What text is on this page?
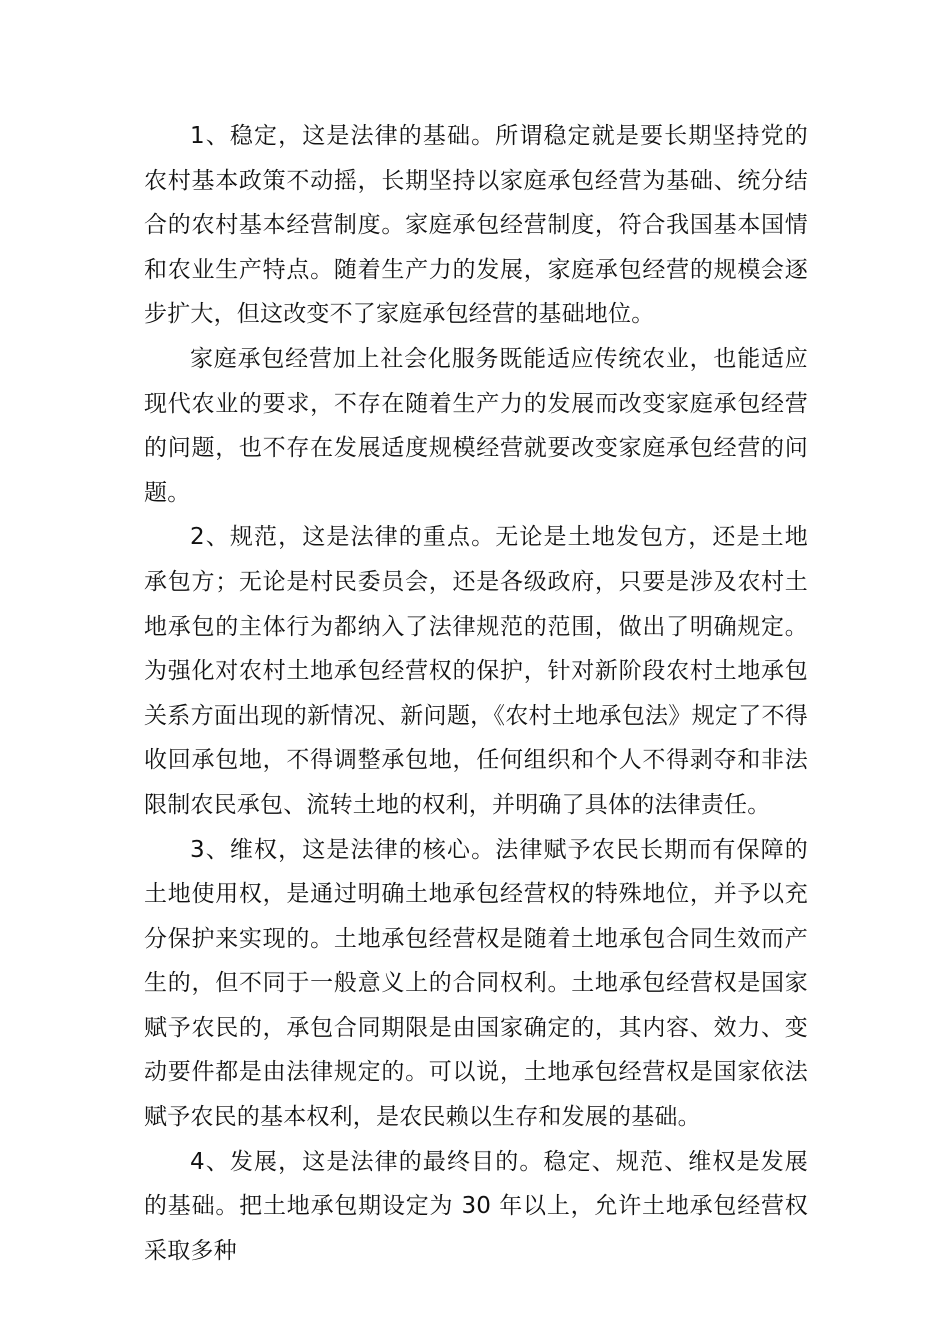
1、稳定，这是法律的基础。所谓稳定就是要长期坚持党的农村基本政策不动摇，长期坚持以家庭承包经营为基础、统分结合的农村基本经营制度。家庭承包经营制度，符合我国基本国情和农业生产特点。随着生产力的发展，家庭承包经营的规模会逐步扩大，但这改变不了家庭承包经营的基础地位。

家庭承包经营加上社会化服务既能适应传统农业，也能适应现代农业的要求，不存在随着生产力的发展而改变家庭承包经营的问题，也不存在发展适度规模经营就要改变家庭承包经营的问题。

2、规范，这是法律的重点。无论是土地发包方，还是土地承包方；无论是村民委员会，还是各级政府，只要是涉及农村土地承包的主体行为都纳入了法律规范的范围，做出了明确规定。为强化对农村土地承包经营权的保护，针对新阶段农村土地承包关系方面出现的新情况、新问题，《农村土地承包法》规定了不得收回承包地，不得调整承包地，任何组织和个人不得剥夺和非法限制农民承包、流转土地的权利，并明确了具体的法律责任。

3、维权，这是法律的核心。法律赋予农民长期而有保障的土地使用权，是通过明确土地承包经营权的特殊地位，并予以充分保护来实现的。土地承包经营权是随着土地承包合同生效而产生的，但不同于一般意义上的合同权利。土地承包经营权是国家赋予农民的，承包合同期限是由国家确定的，其内容、效力、变动要件都是由法律规定的。可以说，土地承包经营权是国家依法赋予农民的基本权利，是农民赖以生存和发展的基础。

4、发展，这是法律的最终目的。稳定、规范、维权是发展的基础。把土地承包期设定为 30 年以上，允许土地承包经营权采取多种
